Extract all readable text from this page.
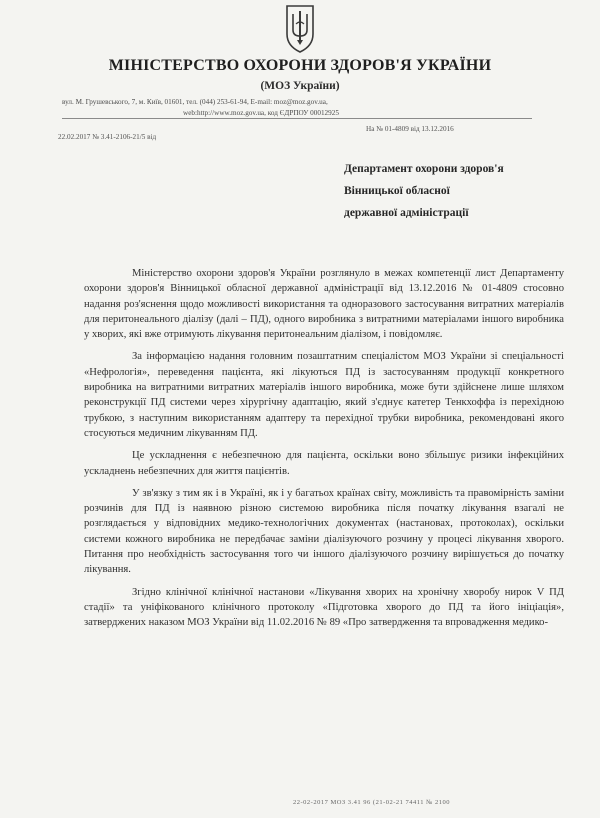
МІНІСТЕРСТВО ОХОРОНИ ЗДОРОВ'Я УКРАЇНИ
(МОЗ України)
вул. М. Грушевського, 7, м. Київ, 01601, тел. (044) 253-61-94, E-mail: moz@moz.gov.ua,
web:http://www.moz.gov.ua, код ЄДРПОУ 00012925
На № 01-4809 від 13.12.2016
22.02.2017 № 3.41-2106-21/5 від
Департамент охорони здоров'я
Вінницької обласної
державної адміністрації

Міністерство охорони здоров'я України розглянуло в межах компетенції лист Департаменту охорони здоров'я Вінницької обласної державної адміністрації від 13.12.2016 № 01-4809 стосовно надання роз'яснення щодо можливості використання та одноразового застосування витратних матеріалів для перитонеального діалізу (далі – ПД), одного виробника з витратними матеріалами іншого виробника у хворих, які вже отримують лікування перитонеальним діалізом, і повідомляє.

За інформацією надання головним позаштатним спеціалістом МОЗ України зі спеціальності «Нефрологія», переведення пацієнта, які лікуються ПД із застосуванням продукції конкретного виробника на витратними витратних матеріалів іншого виробника, може бути здійснене лише шляхом реконструкції ПД системи через хірургічну адаптацію, який з'єднує катетер Тенкхоффа із перехідною трубкою, з наступним використанням адаптеру та перехідної трубки виробника, рекомендовані якого стосуються медичним лікуванням ПД.

Це ускладнення є небезпечною для пацієнта, оскільки воно збільшує ризики інфекційних ускладнень небезпечних для життя пацієнтів.

У зв'язку з тим як і в Україні, як і у багатьох країнах світу, можливість та правомірність заміни розчинів для ПД із наявною різною системою виробника після початку лікування взагалі не розглядається у відповідних медико-технологічних документах (настановах, протоколах), оскільки системи кожного виробника не передбачає заміни діалізуючого розчину у процесі лікування хворого. Питання про необхідність застосування того чи іншого діалізуючого розчину вирішується до початку лікування.

Згідно клінічної клінічної настанови «Лікування хворих на хронічну хворобу нирок V ПД стадії» та уніфікованого клінічного протоколу «Підготовка хворого до ПД та його ініціація», затверджених наказом МОЗ України від 11.02.2016 № 89 «Про затвердження та впровадження медико-

22-02-2017 МОЗ 3.41 96 (21-02-21 74411 № 2100
